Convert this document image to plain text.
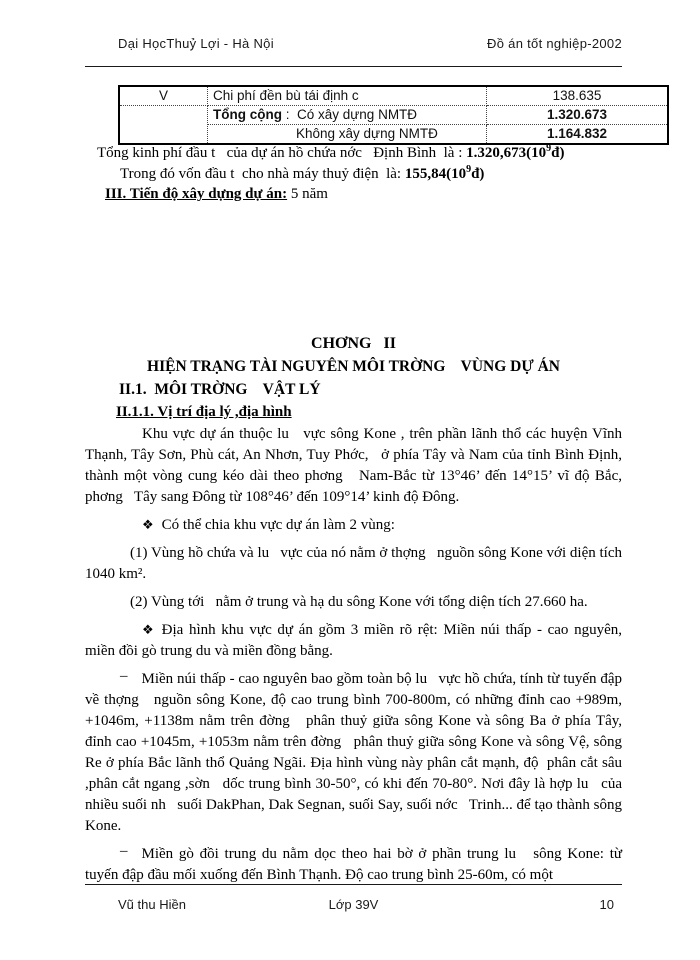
Dại HọcThuỷ Lợi - Hà Nội	Đồ án tốt nghiệp-2002
V	Chi phí đền bù tái định c	138.635
	Tổng cộng :  Có xây dựng NMTĐ	1.320.673
	Không xây dựng NMTĐ	1.164.832
Tổng kinh phí đầu t   của dự án hồ chứa nớc   Định Bình  là : $1.320,673(10^9đ)$
Trong đó vốn đầu t  cho nhà máy thuỷ điện  là: $155,84(10^9đ)$
III. Tiến độ xây dựng dự án: 5 năm
CHƠNG   II
HIỆN TRẠNG TÀI NGUYÊN MÔI TRỜNG    VÙNG DỰ ÁN
II.1.  MÔI TRỜNG    VẬT LÝ
II.1.1. Vị trí địa lý ,địa hình

Khu vực dự án thuộc lu   vực sông Kone , trên phần lãnh thổ các huyện Vĩnh Thạnh, Tây Sơn, Phù cát, An Nhơn, Tuy Phớc,   ở phía Tây và Nam của tỉnh Bình Định, thành một vòng cung kéo dài theo phơng   Nam-Bắc từ 13°46’ đến 14°15’ vĩ độ Bắc, phơng   Tây sang Đông từ 108°46’ đến 109°14’ kinh độ Đông.

❖ Có thể chia khu vực dự án làm 2 vùng:

(1) Vùng hồ chứa và lu   vực của nó nằm ở thợng   nguồn sông Kone với diện tích 1040 km².

(2) Vùng tới   nằm ở trung và hạ du sông Kone với tổng diện tích 27.660 ha.

❖ Địa hình khu vực dự án gồm 3 miền rõ rệt: Miền núi thấp - cao nguyên, miền đồi gò trung du và miền đồng bằng.

– Miền núi thấp - cao nguyên bao gồm toàn bộ lu   vực hồ chứa, tính từ tuyến đập về thợng   nguồn sông Kone, độ cao trung bình 700-800m, có những đỉnh cao +989m, +1046m, +1138m nằm trên đờng   phân thuỷ giữa sông Kone và sông Ba ở phía Tây, đỉnh cao +1045m, +1053m nằm trên đờng   phân thuỷ giữa sông Kone và sông Vệ, sông Re ở phía Bắc lãnh thổ Quảng Ngãi. Địa hình vùng này phân cắt mạnh, độ  phân cắt sâu ,phân cắt ngang ,sờn   dốc trung bình 30-50°, có khi đến 70-80°. Nơi đây là hợp lu   của nhiều suối nh   suối DakPhan, Dak Segnan, suối Say, suối nớc   Trinh... để tạo thành sông Kone.

– Miền gò đồi trung du nằm dọc theo hai bờ ở phần trung lu   sông Kone: từ tuyến đập đầu mối xuống đến Bình Thạnh. Độ cao trung bình 25-60m, có một

Vũ thu Hiền	Lớp 39V	10
